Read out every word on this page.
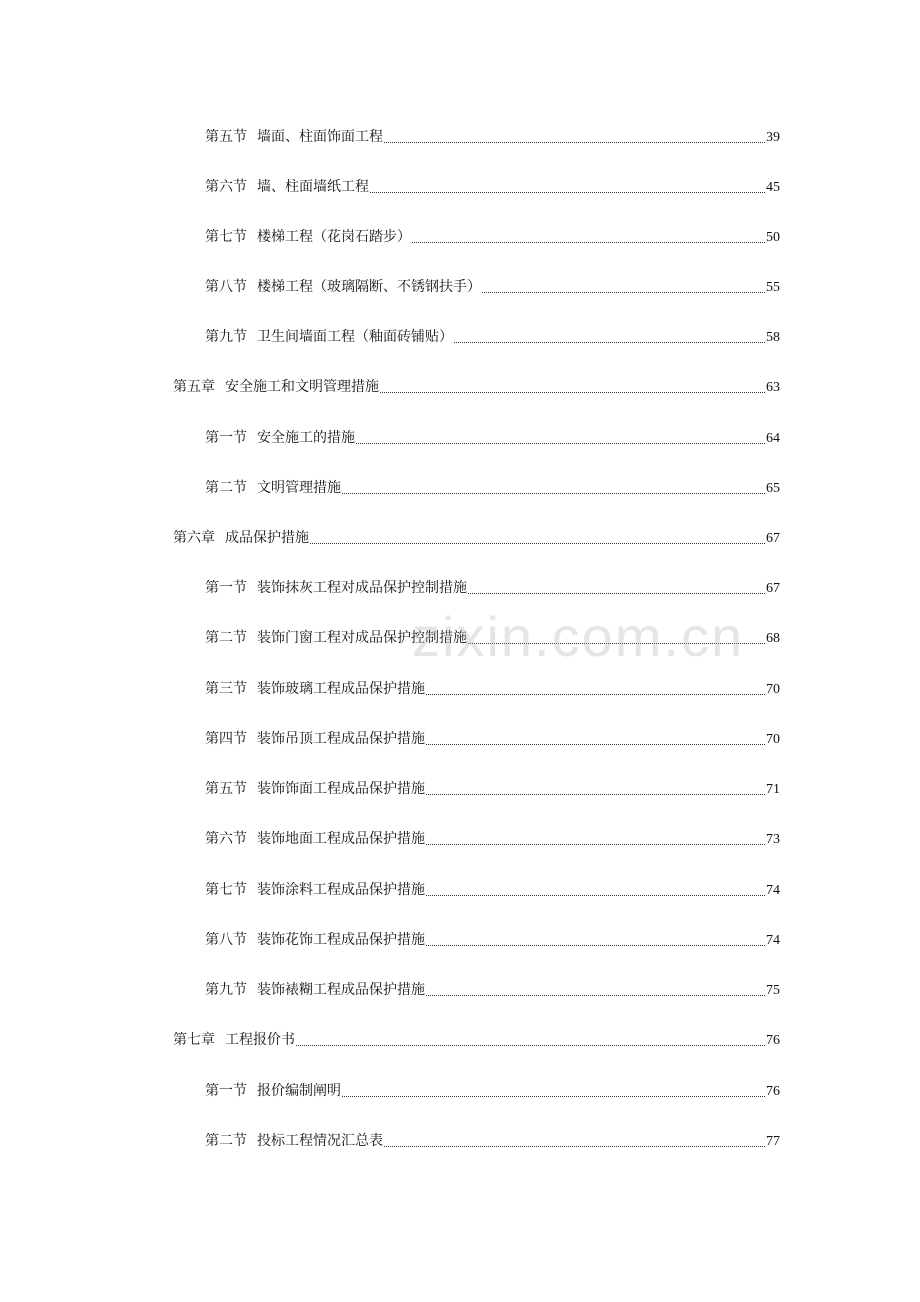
第五节 墙面、柱面饰面工程	39
第六节 墙、柱面墙纸工程	45
第七节 楼梯工程（花岗石踏步）	50
第八节 楼梯工程（玻璃隔断、不锈钢扶手）	55
第九节 卫生间墙面工程（釉面砖铺贴）	58
第五章 安全施工和文明管理措施	63
第一节 安全施工的措施	64
第二节 文明管理措施	65
第六章 成品保护措施	67
第一节 装饰抹灰工程对成品保护控制措施	67
第二节 装饰门窗工程对成品保护控制措施	68
第三节 装饰玻璃工程成品保护措施	70
第四节 装饰吊顶工程成品保护措施	70
第五节 装饰饰面工程成品保护措施	71
第六节 装饰地面工程成品保护措施	73
第七节 装饰涂料工程成品保护措施	74
第八节 装饰花饰工程成品保护措施	74
第九节 装饰裱糊工程成品保护措施	75
第七章 工程报价书	76
第一节 报价编制阐明	76
第二节 投标工程情况汇总表	77
zixin.com.cn
